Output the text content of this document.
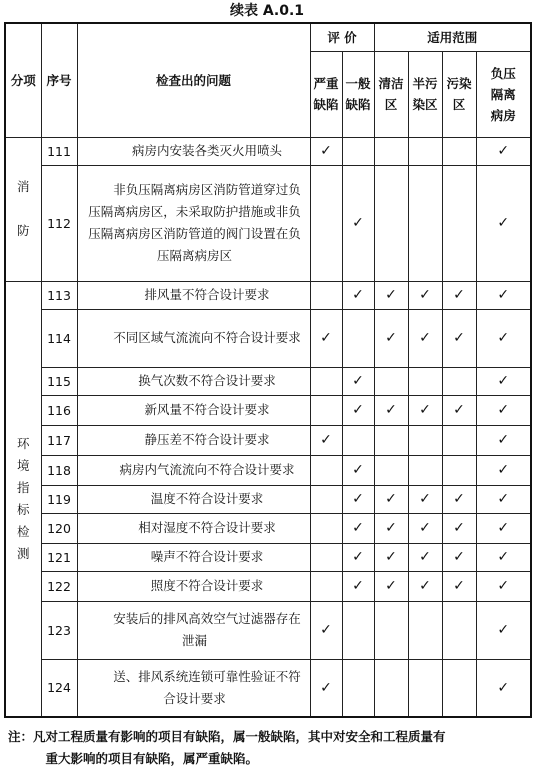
续表 A.0.1
分项	序号	检查出的问题	评 价		适用范围			
			严重缺陷	一般缺陷	清洁区	半污染区	污染区	负压隔离病房
消防	111	病房内安装各类灭火用喷头	✓					✓
	112	非负压隔离病房区消防管道穿过负压隔离病房区，未采取防护措施或非负压隔离病房区消防管道的阀门设置在负压隔离病房区		✓				✓
环境指标检测	113	排风量不符合设计要求		✓	✓	✓	✓	✓
	114	不同区域气流流向不符合设计要求	✓		✓	✓	✓	✓
	115	换气次数不符合设计要求		✓				✓
	116	新风量不符合设计要求		✓	✓	✓	✓	✓
	117	静压差不符合设计要求	✓					✓
	118	病房内气流流向不符合设计要求		✓				✓
	119	温度不符合设计要求		✓	✓	✓	✓	✓
	120	相对湿度不符合设计要求		✓	✓	✓	✓	✓
	121	噪声不符合设计要求		✓	✓	✓	✓	✓
	122	照度不符合设计要求		✓	✓	✓	✓	✓
	123	安装后的排风高效空气过滤器存在泄漏	✓					✓
	124	送、排风系统连锁可靠性验证不符合设计要求	✓					✓
注：凡对工程质量有影响的项目有缺陷，属一般缺陷，其中对安全和工程质量有
重大影响的项目有缺陷，属严重缺陷。
